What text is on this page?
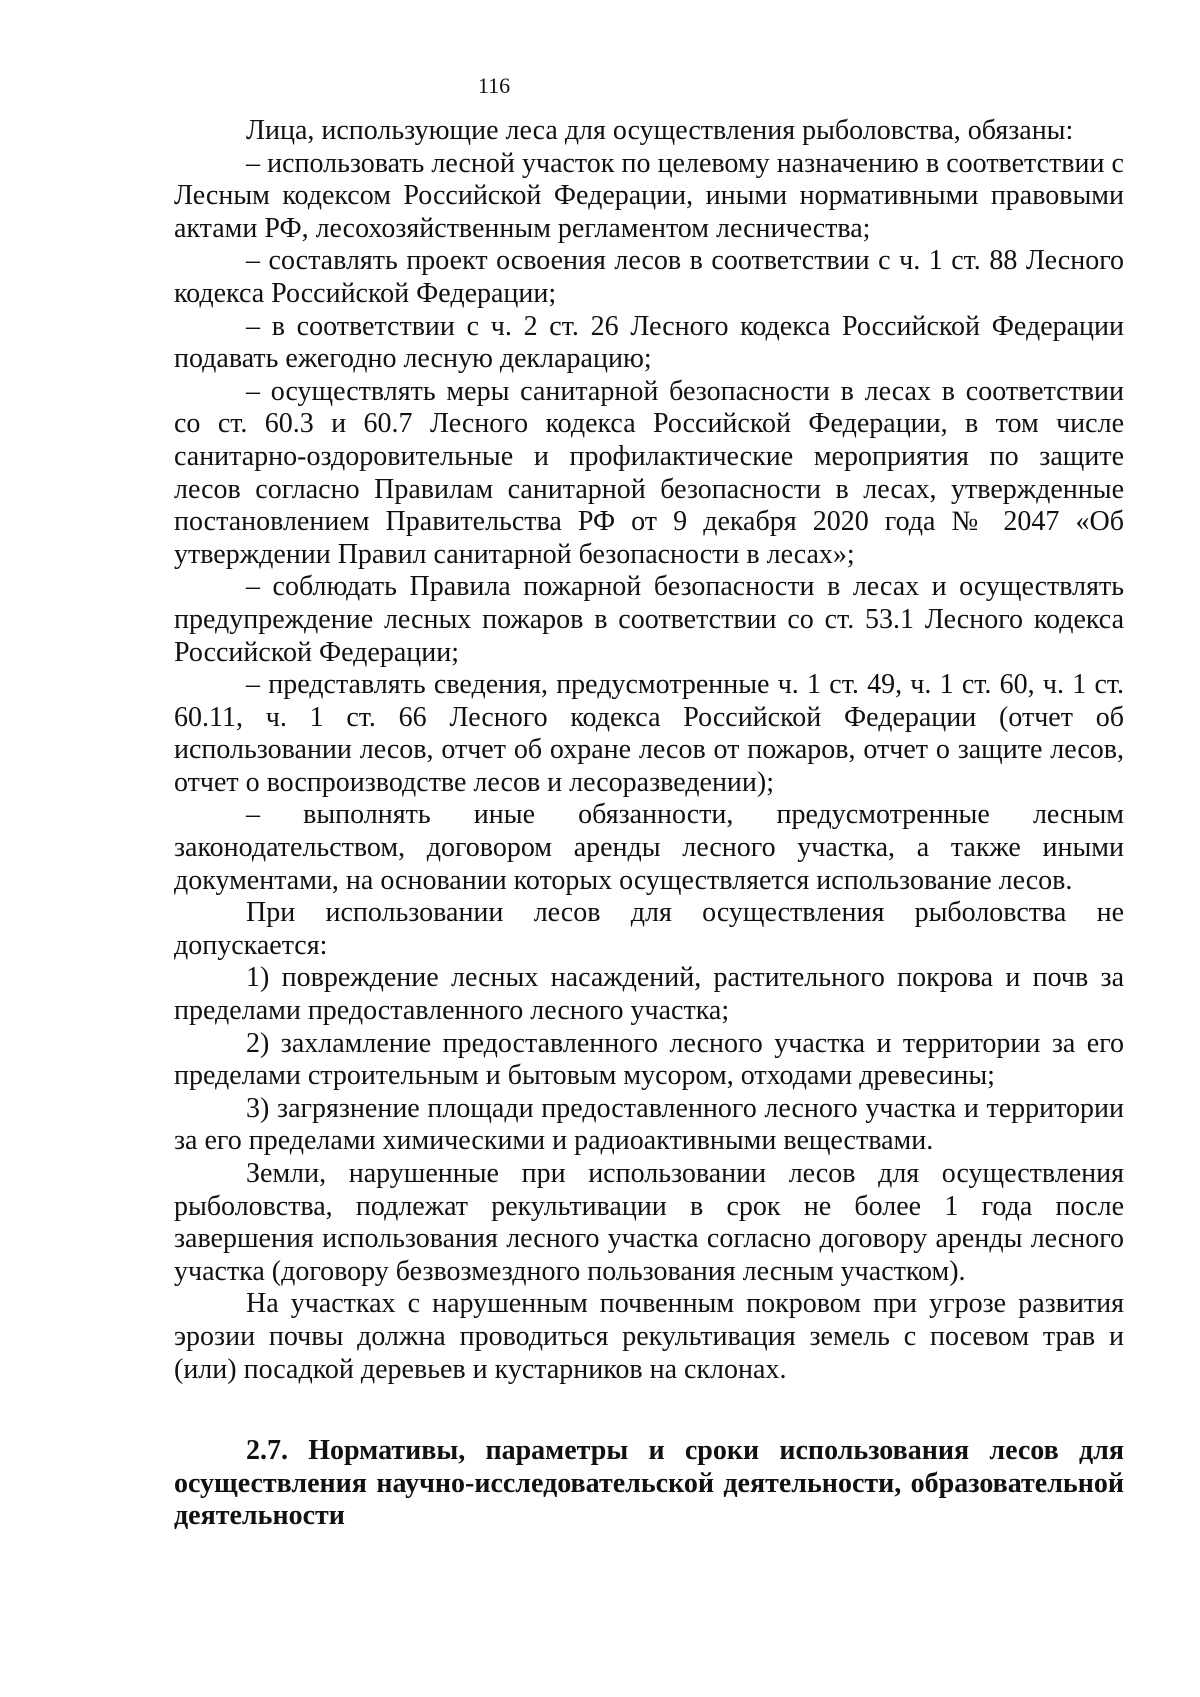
116

Лица, использующие леса для осуществления рыболовства, обязаны:

– использовать лесной участок по целевому назначению в соответствии с Лесным кодексом Российской Федерации, иными нормативными правовыми актами РФ, лесохозяйственным регламентом лесничества;

– составлять проект освоения лесов в соответствии с ч. 1 ст. 88 Лесного кодекса Российской Федерации;

– в соответствии с ч. 2 ст. 26 Лесного кодекса Российской Федерации подавать ежегодно лесную декларацию;

– осуществлять меры санитарной безопасности в лесах в соответствии со ст. 60.3 и 60.7 Лесного кодекса Российской Федерации, в том числе санитарно-оздоровительные и профилактические мероприятия по защите лесов согласно Правилам санитарной безопасности в лесах, утвержденные постановлением Правительства РФ от 9 декабря 2020 года № 2047 «Об утверждении Правил санитарной безопасности в лесах»;

– соблюдать Правила пожарной безопасности в лесах и осуществлять предупреждение лесных пожаров в соответствии со ст. 53.1 Лесного кодекса Российской Федерации;

– представлять сведения, предусмотренные ч. 1 ст. 49, ч. 1 ст. 60, ч. 1 ст. 60.11, ч. 1 ст. 66 Лесного кодекса Российской Федерации (отчет об использовании лесов, отчет об охране лесов от пожаров, отчет о защите лесов, отчет о воспроизводстве лесов и лесоразведении);

– выполнять иные обязанности, предусмотренные лесным законодательством, договором аренды лесного участка, а также иными документами, на основании которых осуществляется использование лесов.

При использовании лесов для осуществления рыболовства не допускается:

1) повреждение лесных насаждений, растительного покрова и почв за пределами предоставленного лесного участка;

2) захламление предоставленного лесного участка и территории за его пределами строительным и бытовым мусором, отходами древесины;

3) загрязнение площади предоставленного лесного участка и территории за его пределами химическими и радиоактивными веществами.

Земли, нарушенные при использовании лесов для осуществления рыболовства, подлежат рекультивации в срок не более 1 года после завершения использования лесного участка согласно договору аренды лесного участка (договору безвозмездного пользования лесным участком).

На участках с нарушенным почвенным покровом при угрозе развития эрозии почвы должна проводиться рекультивация земель с посевом трав и (или) посадкой деревьев и кустарников на склонах.

2.7. Нормативы, параметры и сроки использования лесов для осуществления научно-исследовательской деятельности, образовательной деятельности
